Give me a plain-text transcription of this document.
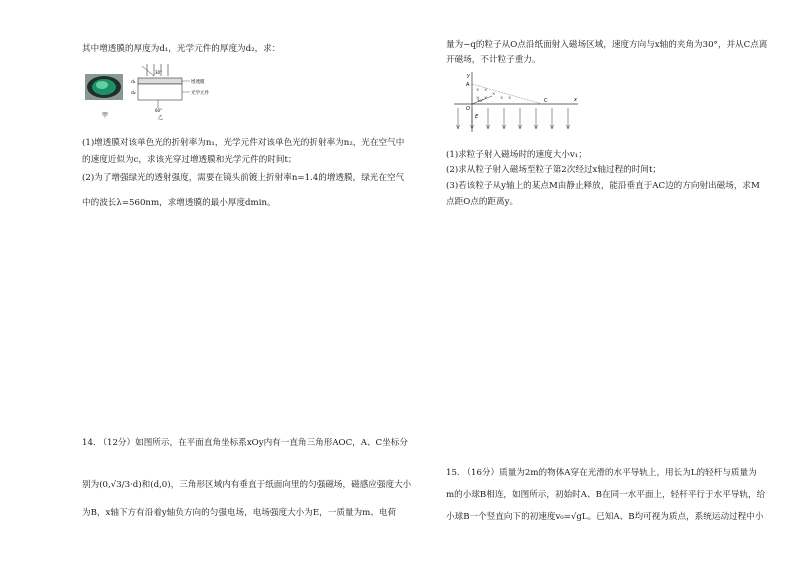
其中增透膜的厚度为d₁，光学元件的厚度为d₂，求：
甲
30°
增透膜
光学元件
d₁
d₂
60°
乙
(1)增透膜对该单色光的折射率为n₁，光学元件对该单色光的折射率为n₂，光在空气中
的速度近似为c，求该光穿过增透膜和光学元件的时间t；
(2)为了增强绿光的透射强度，需要在镜头前镀上折射率n=1.4的增透膜，绿光在空气
中的波长λ=560nm，求增透膜的最小厚度dmin。
14. （12分）如图所示，在平面直角坐标系xOy内有一直角三角形AOC，A、C坐标分
别为(0,√3/3·d)和(d,0)，三角形区域内有垂直于纸面向里的匀强磁场，磁感应强度大小
为B，x轴下方有沿着y轴负方向的匀强电场，电场强度大小为E，一质量为m、电荷
量为−q的粒子从O点沿纸面射入磁场区域，速度方向与x轴的夹角为30°，并从C点离
开磁场，不计粒子重力。
y
A
x
O
C
30°
× ×
× ×
×
× ×
E
(1)求粒子射入磁场时的速度大小v₁；
(2)求从粒子射入磁场至粒子第2次经过x轴过程的时间t；
(3)若该粒子从y轴上的某点M由静止释放，能沿垂直于AC边的方向射出磁场，求M
点距O点的距离y。
15. （16分）质量为2m的物体A穿在光滑的水平导轨上，用长为L的轻杆与质量为
m的小球B相连，如图所示，初始时A、B在同一水平面上，轻杆平行于水平导轨，给
小球B一个竖直向下的初速度v₀=√gL。已知A、B均可视为质点，系统运动过程中小
